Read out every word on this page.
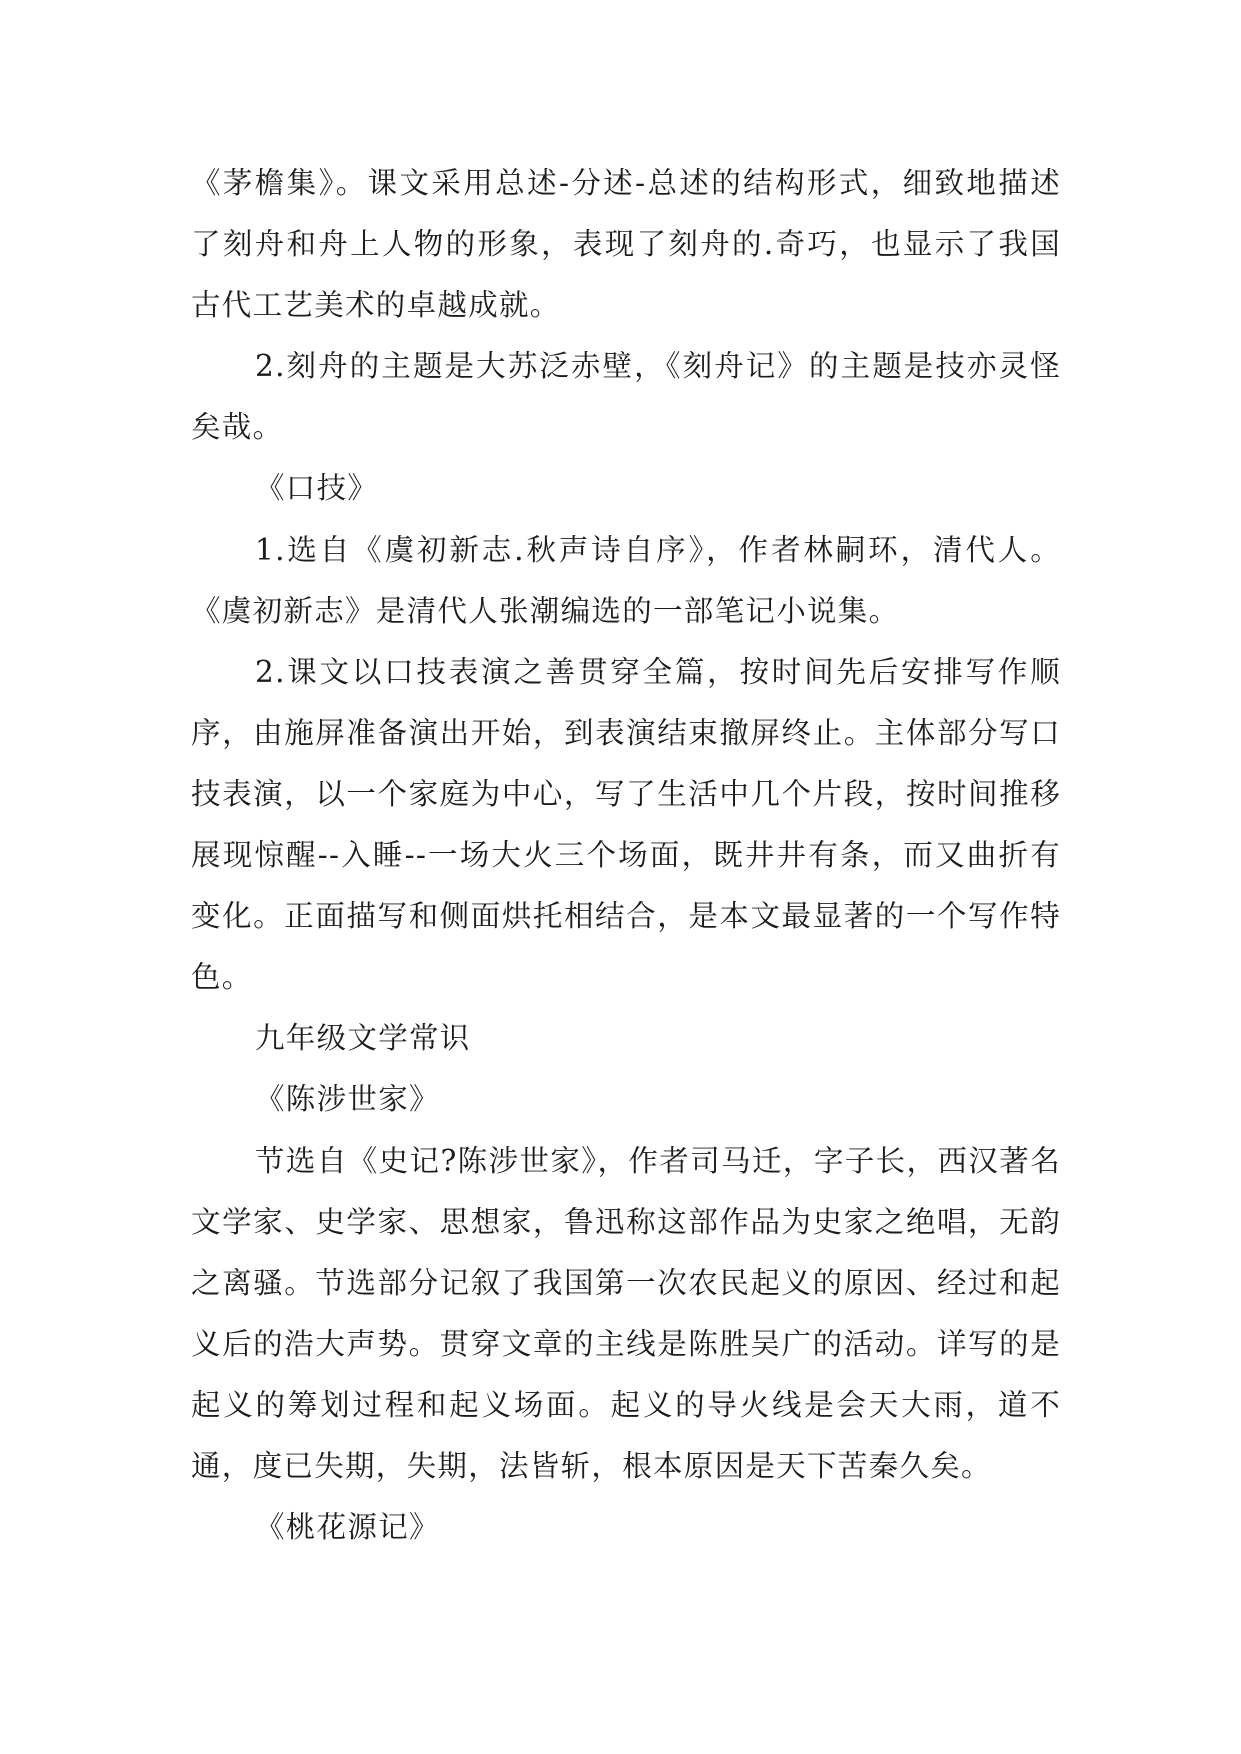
《茅檐集》。课文采用总述-分述-总述的结构形式，细致地描述了刻舟和舟上人物的形象，表现了刻舟的.奇巧，也显示了我国古代工艺美术的卓越成就。

2.刻舟的主题是大苏泛赤壁，《刻舟记》的主题是技亦灵怪矣哉。

《口技》

1.选自《虞初新志.秋声诗自序》，作者林嗣环，清代人。《虞初新志》是清代人张潮编选的一部笔记小说集。

2.课文以口技表演之善贯穿全篇，按时间先后安排写作顺序，由施屏准备演出开始，到表演结束撤屏终止。主体部分写口技表演，以一个家庭为中心，写了生活中几个片段，按时间推移展现惊醒--入睡--一场大火三个场面，既井井有条，而又曲折有变化。正面描写和侧面烘托相结合，是本文最显著的一个写作特色。

九年级文学常识

《陈涉世家》

节选自《史记?陈涉世家》，作者司马迁，字子长，西汉著名文学家、史学家、思想家，鲁迅称这部作品为史家之绝唱，无韵之离骚。节选部分记叙了我国第一次农民起义的原因、经过和起义后的浩大声势。贯穿文章的主线是陈胜吴广的活动。详写的是起义的筹划过程和起义场面。起义的导火线是会天大雨，道不通，度已失期，失期，法皆斩，根本原因是天下苦秦久矣。

《桃花源记》
